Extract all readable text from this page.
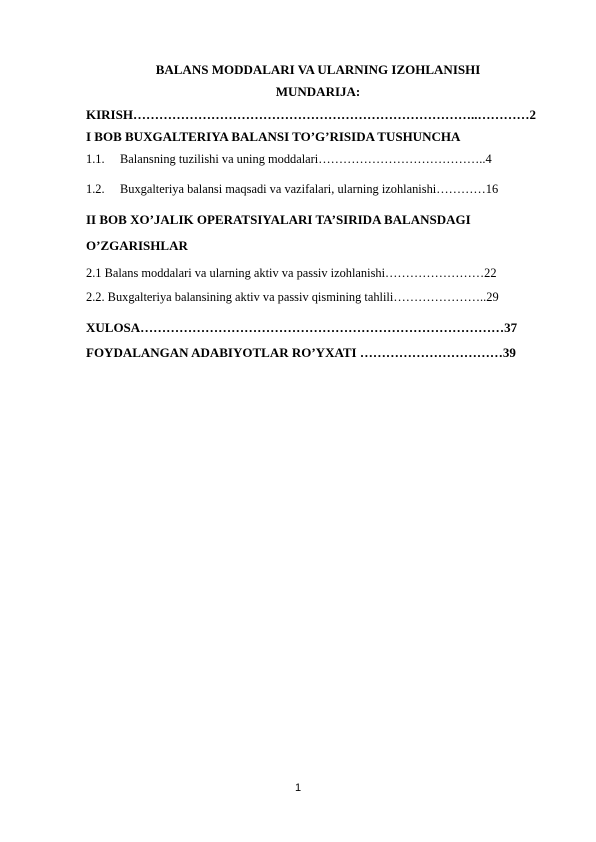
BALANS MODDALARI VA ULARNING IZOHLANISHI
MUNDARIJA:
KIRISH……………………………………………………………………..…………2
I BOB BUXGALTERIYA BALANSI TO’G’RISIDA TUSHUNCHA
1.1. Balansning tuzilishi va uning moddalari…………………………………..4
1.2. Buxgalteriya balansi maqsadi va vazifalari, ularning izohlanishi…………16
II BOB XO’JALIK OPERATSIYALARI TA’SIRIDA BALANSDAGI
O’ZGARISHLAR
2.1 Balans moddalari va ularning aktiv va passiv izohlanishi……………………22
2.2. Buxgalteriya balansining aktiv va passiv qismining tahlili…………………..29
XULOSA…………………………………………………………………………37
FOYDALANGAN ADABIYOTLAR RO’YXATI ……………………………39
1
